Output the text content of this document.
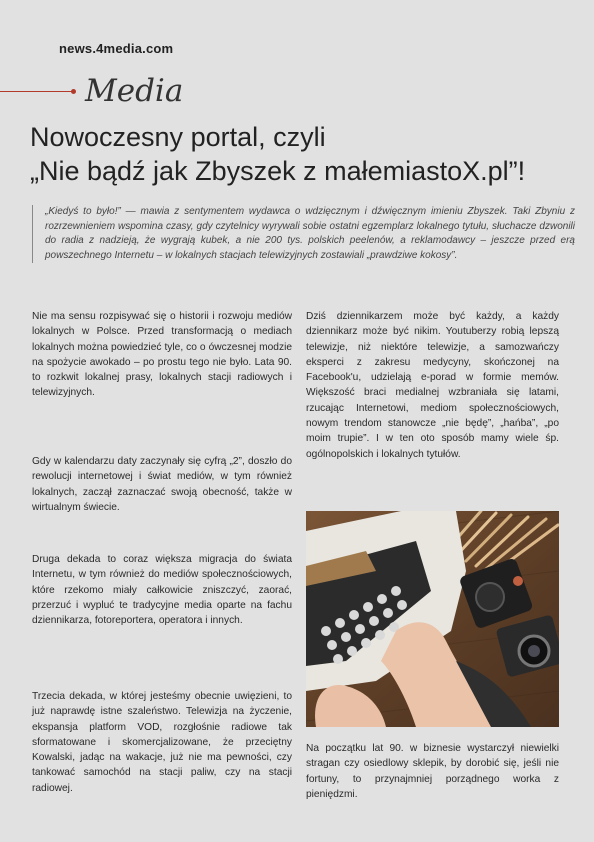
news.4media.com
Media
Nowoczesny portal, czyli
„Nie bądź jak Zbyszek z małemiastoX.pl”!
„Kiedyś to było!” — mawia z sentymentem wydawca o wdzięcznym i dźwięcznym imieniu Zbyszek. Taki Zbyniu z rozrzewnieniem wspomina czasy, gdy czytelnicy wyrywali sobie ostatni egzemplarz lokalnego tytułu, słuchacze dzwonili do radia z nadzieją, że wygrają kubek, a nie 200 tys. polskich peelenów, a reklamodawcy – jeszcze przed erą powszechnego Internetu – w lokalnych stacjach telewizyjnych zostawiali „prawdziwe kokosy”.

Nie ma sensu rozpisywać się o historii i rozwoju mediów lokalnych w Polsce. Przed transformacją o mediach lokalnych można powiedzieć tyle, co o ówczesnej modzie na spożycie awokado – po prostu tego nie było. Lata 90. to rozkwit lokalnej prasy, lokalnych stacji radiowych i telewizyjnych.

Gdy w kalendarzu daty zaczynały się cyfrą „2”, doszło do rewolucji internetowej i świat mediów, w tym również lokalnych, zaczął zaznaczać swoją obecność, także w wirtualnym świecie.

Druga dekada to coraz większa migracja do świata Internetu, w tym również do mediów społecznościowych, które rzekomo miały całkowicie zniszczyć, zaorać, przerzuć i wypluć te tradycyjne media oparte na fachu dziennikarza, fotoreportera, operatora i innych.

Trzecia dekada, w której jesteśmy obecnie uwięzieni, to już naprawdę istne szaleństwo. Telewizja na życzenie, ekspansja platform VOD, rozgłośnie radiowe tak sformatowane i skomercjalizowane, że przeciętny Kowalski, jadąc na wakacje, już nie ma pewności, czy tankować samochód na stacji paliw, czy na stacji radiowej.

Dziś dziennikarzem może być każdy, a każdy dziennikarz może być nikim. Youtuberzy robią lepszą telewizje, niż niektóre telewizje, a samozwańczy eksperci z zakresu medycyny, skończonej na Facebook'u, udzielają e-porad w formie memów. Większość braci medialnej wzbraniała się latami, rzucając Internetowi, mediom społecznościowych, nowym trendom stanowcze „nie będę”, „hańba”, „po moim trupie”. I w ten oto sposób mamy wiele śp. ogólnopolskich i lokalnych tytułów.

Na początku lat 90. w biznesie wystarczył niewielki stragan czy osiedlowy sklepik, by dorobić się, jeśli nie fortuny, to przynajmniej porządnego worka z pieniędzmi.
